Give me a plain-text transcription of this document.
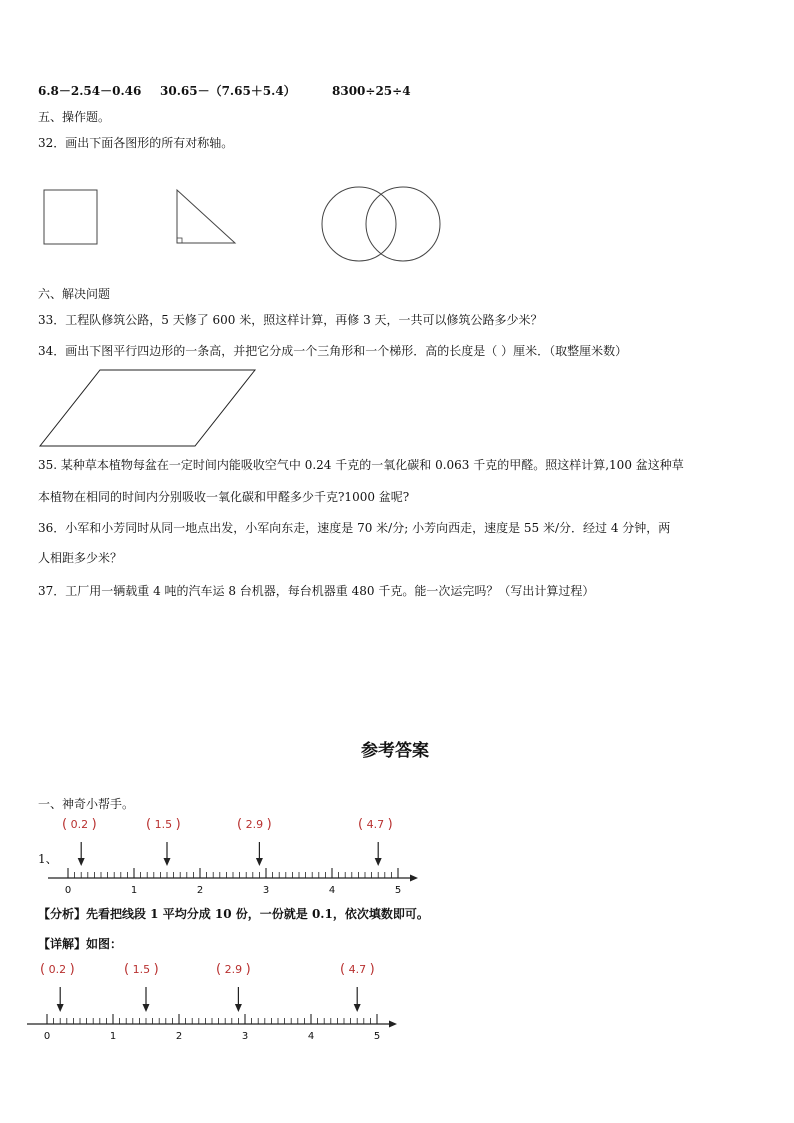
6.8－2.54－0.46 30.65－（7.65＋5.4）	8300÷25÷4
五、操作题。
32．画出下面各图形的所有对称轴。
六、解决问题
33．工程队修筑公路，5 天修了 600 米，照这样计算，再修 3 天，一共可以修筑公路多少米？
34．画出下图平行四边形的一条高，并把它分成一个三角形和一个梯形．高的长度是（ ）厘米．（取整厘米数）
35. 某种草本植物每盆在一定时间内能吸收空气中 0.24 千克的一氧化碳和 0.063 千克的甲醛。照这样计算,100 盆这种草
本植物在相同的时间内分别吸收一氧化碳和甲醛多少千克?1000 盆呢?
36．小军和小芳同时从同一地点出发，小军向东走，速度是 70 米/分; 小芳向西走，速度是 55 米/分．经过 4 分钟，两
人相距多少米？
37．工厂用一辆载重 4 吨的汽车运 8 台机器，每台机器重 480 千克。能一次运完吗？（写出计算过程）
参考答案
一、神奇小帮手。
( 0.2 )	( 1.5 )	( 2.9 )	( 4.7 )
1、
0	1	2	3	4	5
【分析】先看把线段 1 平均分成 10 份，一份就是 0.1，依次填数即可。
【详解】如图：
( 0.2 )	( 1.5 )	( 2.9 )	( 4.7 )
0	1	2	3	4	5
